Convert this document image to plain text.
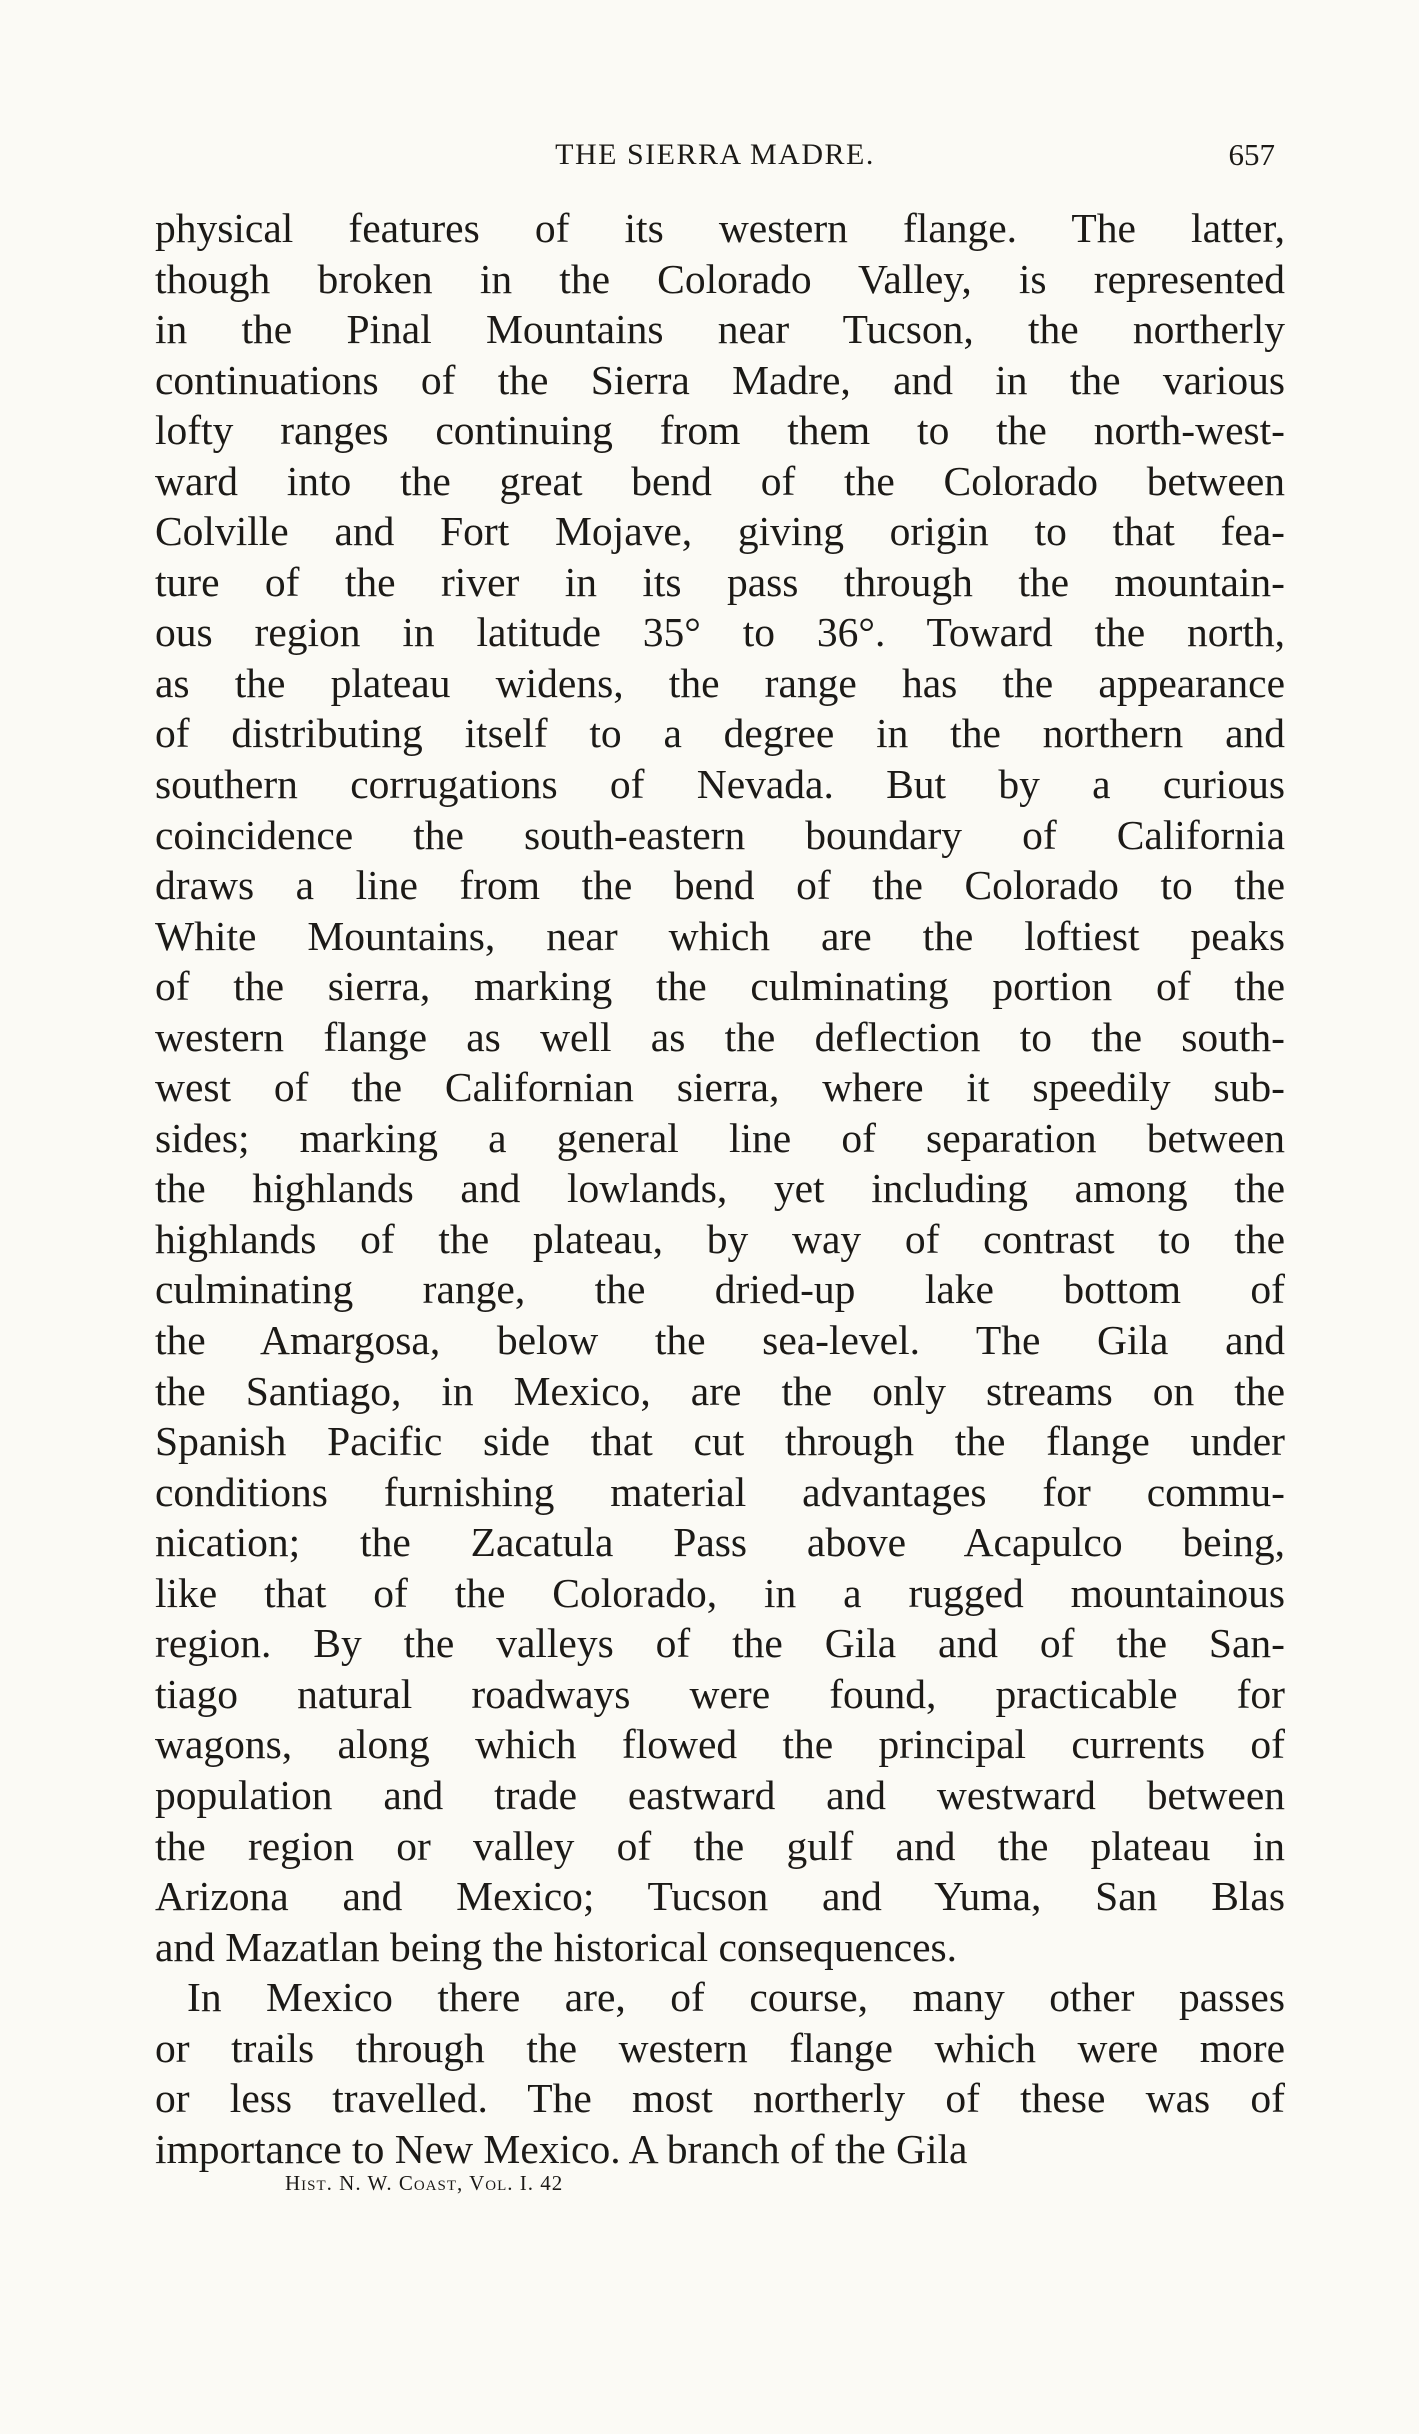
THE SIERRA MADRE.	657
physical features of its western flange. The latter,
though broken in the Colorado Valley, is represented
in the Pinal Mountains near Tucson, the northerly
continuations of the Sierra Madre, and in the various
lofty ranges continuing from them to the north-west-
ward into the great bend of the Colorado between
Colville and Fort Mojave, giving origin to that fea-
ture of the river in its pass through the mountain-
ous region in latitude 35° to 36°. Toward the north,
as the plateau widens, the range has the appearance
of distributing itself to a degree in the northern and
southern corrugations of Nevada. But by a curious
coincidence the south-eastern boundary of California
draws a line from the bend of the Colorado to the
White Mountains, near which are the loftiest peaks
of the sierra, marking the culminating portion of the
western flange as well as the deflection to the south-
west of the Californian sierra, where it speedily sub-
sides; marking a general line of separation between
the highlands and lowlands, yet including among the
highlands of the plateau, by way of contrast to the
culminating range, the dried-up lake bottom of
the Amargosa, below the sea-level. The Gila and
the Santiago, in Mexico, are the only streams on the
Spanish Pacific side that cut through the flange under
conditions furnishing material advantages for commu-
nication; the Zacatula Pass above Acapulco being,
like that of the Colorado, in a rugged mountainous
region. By the valleys of the Gila and of the San-
tiago natural roadways were found, practicable for
wagons, along which flowed the principal currents of
population and trade eastward and westward between
the region or valley of the gulf and the plateau in
Arizona and Mexico; Tucson and Yuma, San Blas
and Mazatlan being the historical consequences.
In Mexico there are, of course, many other passes
or trails through the western flange which were more
or less travelled. The most northerly of these was of
importance to New Mexico. A branch of the Gila
Hist. N. W. Coast, Vol. I. 42
